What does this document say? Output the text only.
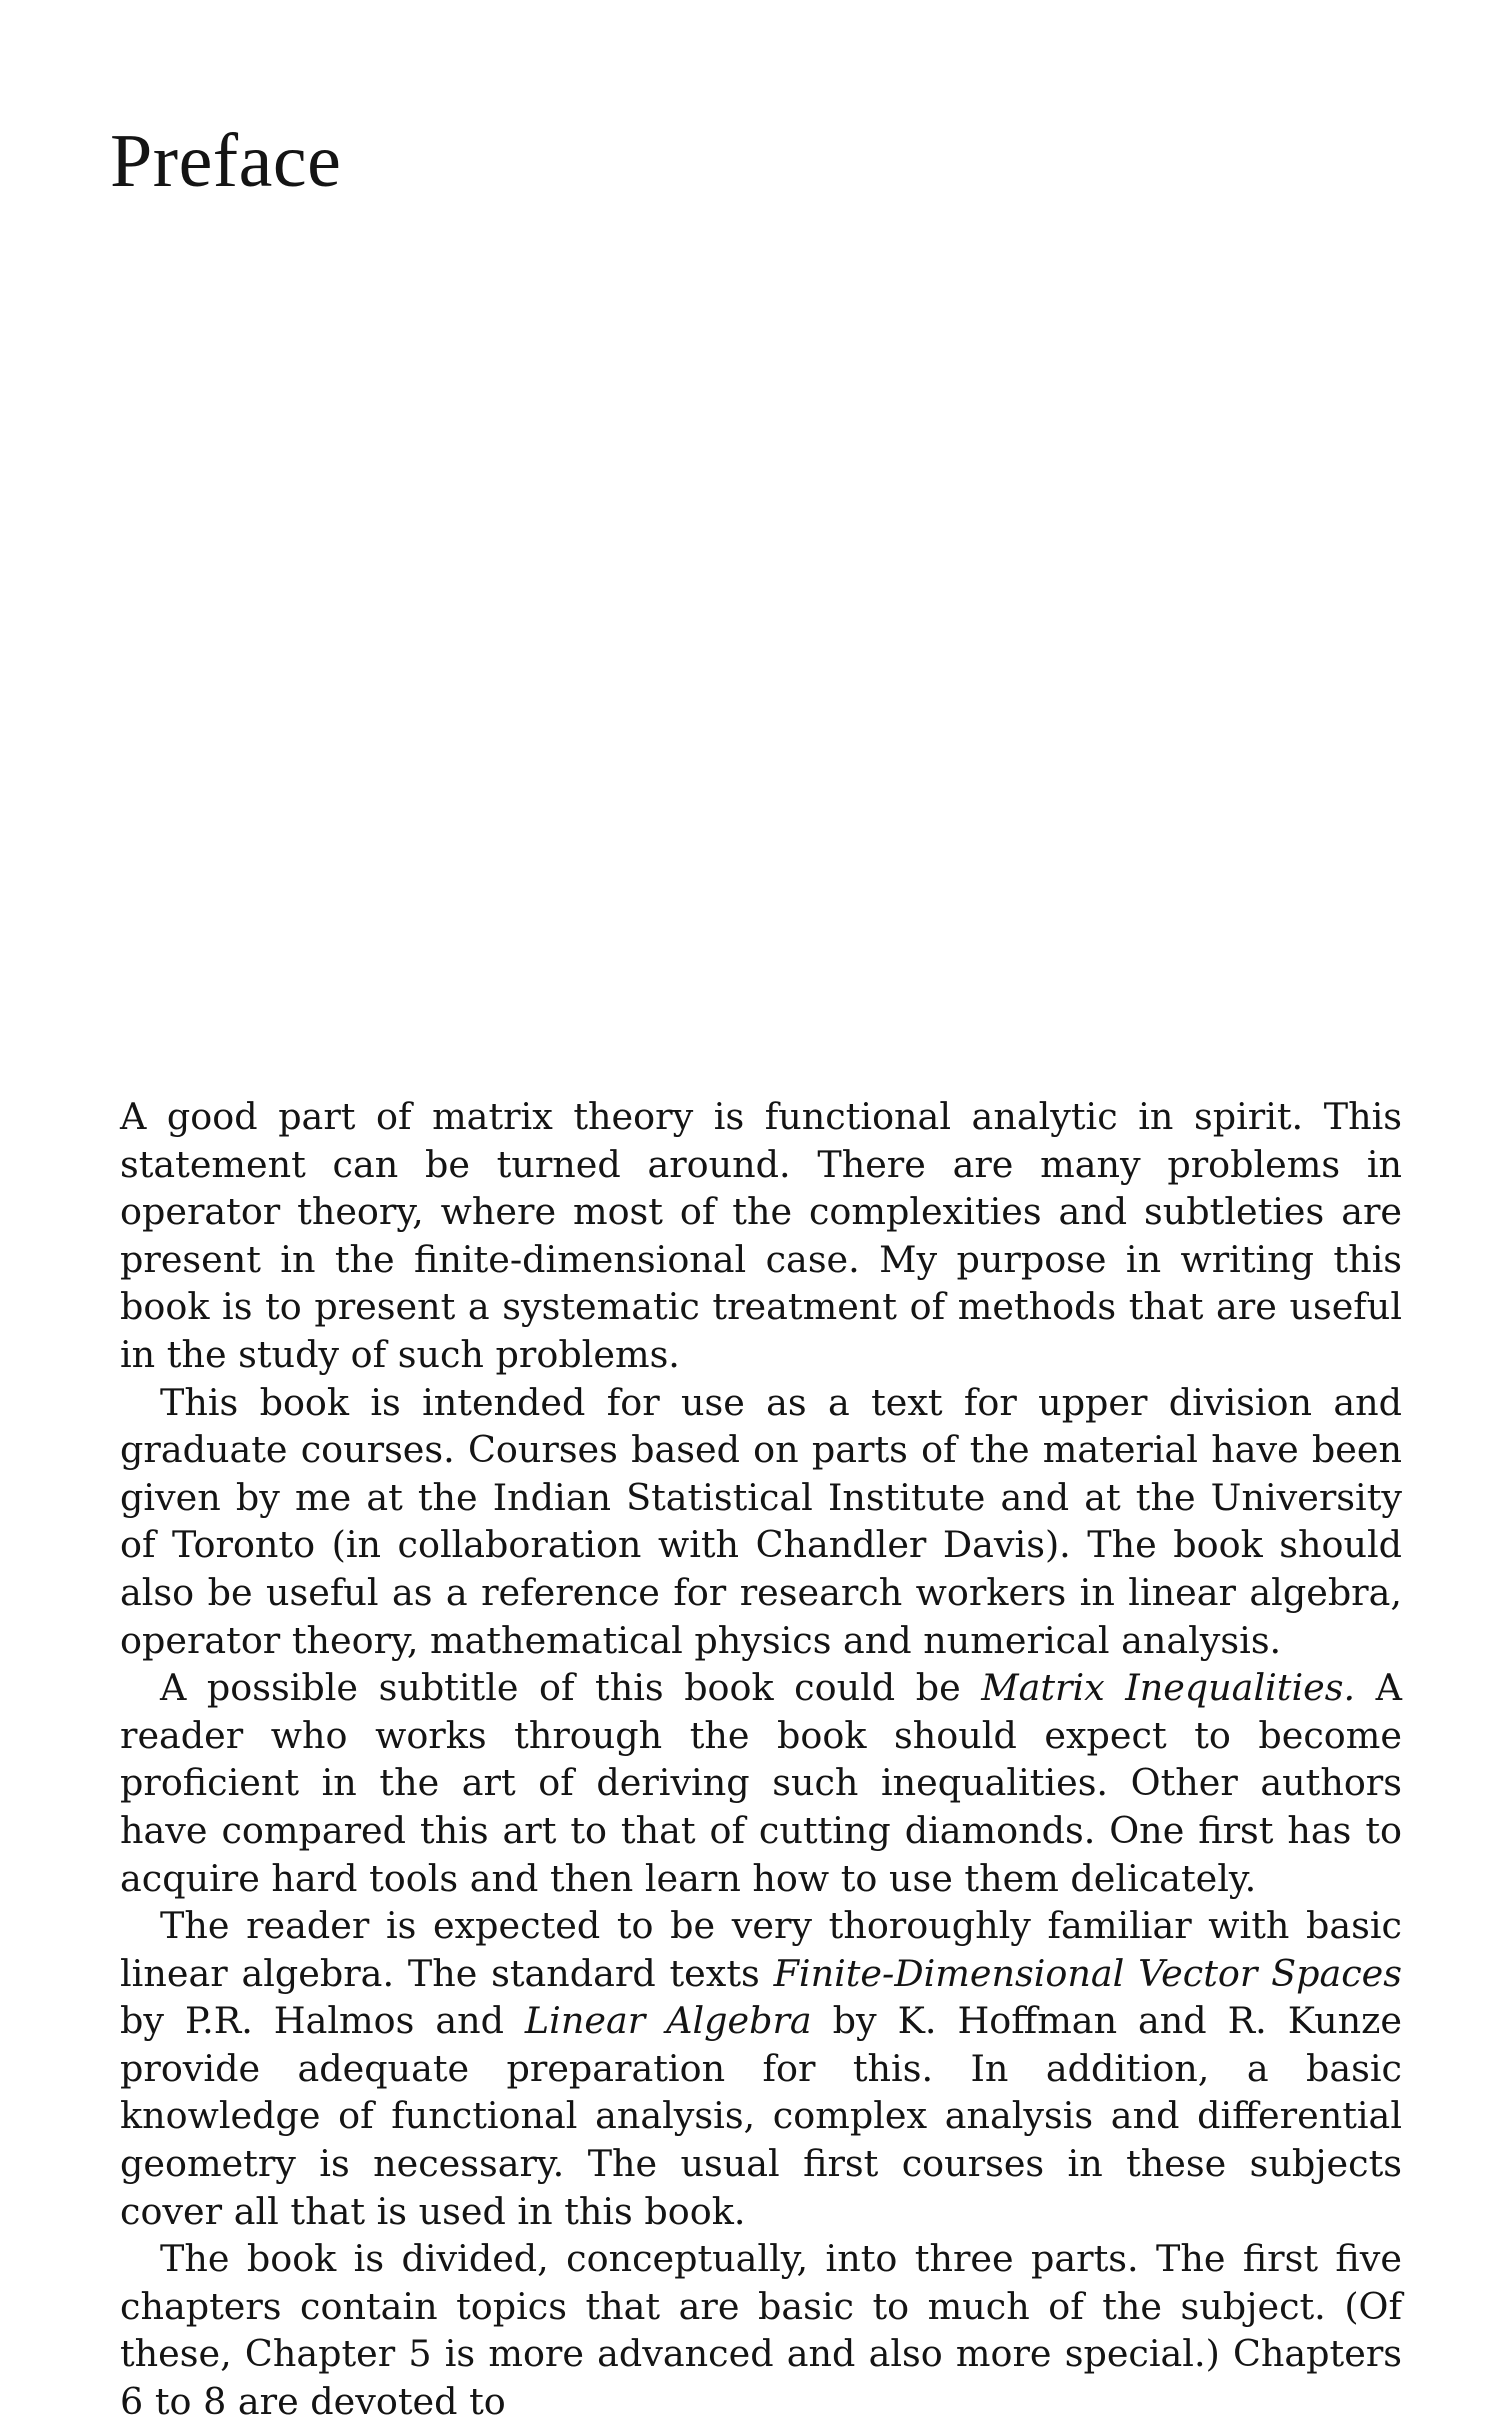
Preface

A good part of matrix theory is functional analytic in spirit. This statement can be turned around. There are many problems in operator theory, where most of the complexities and subtleties are present in the finite-dimensional case. My purpose in writing this book is to present a systematic treatment of methods that are useful in the study of such problems.

This book is intended for use as a text for upper division and graduate courses. Courses based on parts of the material have been given by me at the Indian Statistical Institute and at the University of Toronto (in collaboration with Chandler Davis). The book should also be useful as a reference for research workers in linear algebra, operator theory, mathematical physics and numerical analysis.

A possible subtitle of this book could be Matrix Inequalities. A reader who works through the book should expect to become proficient in the art of deriving such inequalities. Other authors have compared this art to that of cutting diamonds. One first has to acquire hard tools and then learn how to use them delicately.

The reader is expected to be very thoroughly familiar with basic linear algebra. The standard texts Finite-Dimensional Vector Spaces by P.R. Halmos and Linear Algebra by K. Hoffman and R. Kunze provide adequate preparation for this. In addition, a basic knowledge of functional analysis, complex analysis and differential geometry is necessary. The usual first courses in these subjects cover all that is used in this book.

The book is divided, conceptually, into three parts. The first five chapters contain topics that are basic to much of the subject. (Of these, Chapter 5 is more advanced and also more special.) Chapters 6 to 8 are devoted to
